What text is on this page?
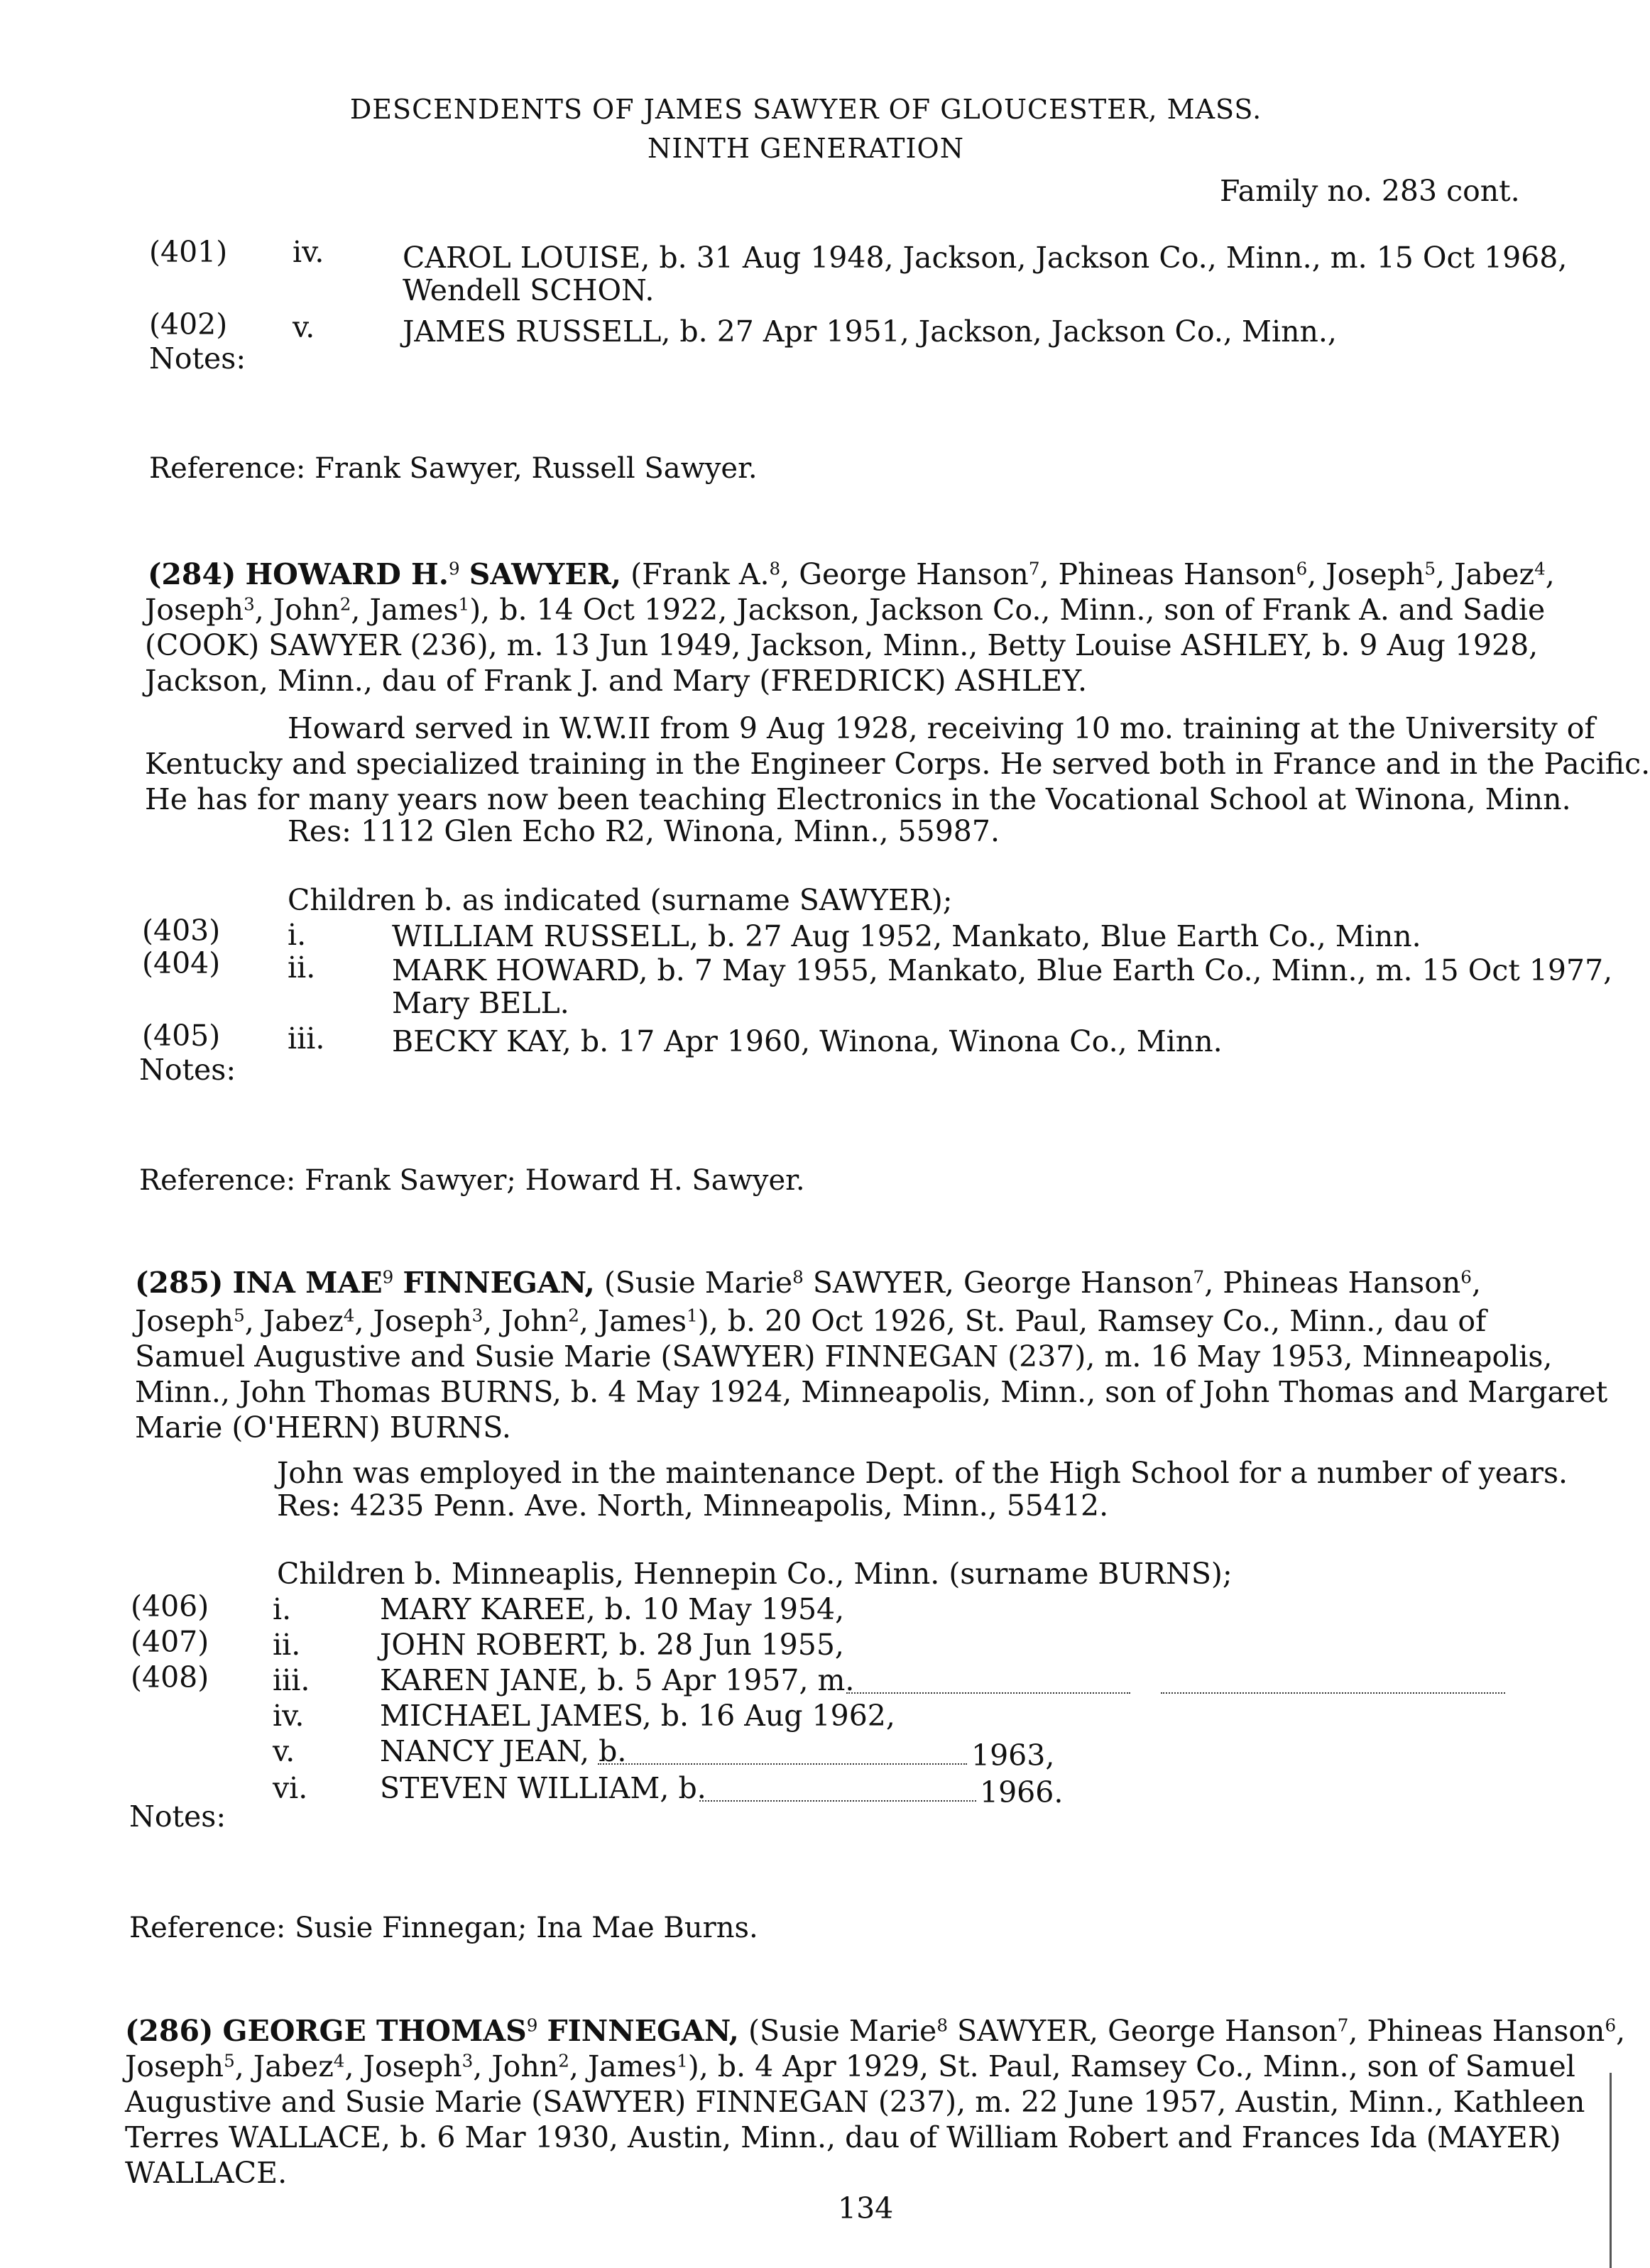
DESCENDENTS OF JAMES SAWYER OF GLOUCESTER, MASS.
NINTH GENERATION
Family no. 283 cont.
(401) iv.	CAROL LOUISE, b. 31 Aug 1948, Jackson, Jackson Co., Minn., m. 15 Oct 1968,
Wendell SCHON.
(402) v.	JAMES RUSSELL, b. 27 Apr 1951, Jackson, Jackson Co., Minn.,
Notes:
Reference: Frank Sawyer, Russell Sawyer.
(284) HOWARD H.$^9$ SAWYER, (Frank A.$^8$, George Hanson$^7$, Phineas Hanson$^6$, Joseph$^5$, Jabez$^4$,
Joseph$^3$, John$^2$, James$^1$), b. 14 Oct 1922, Jackson, Jackson Co., Minn., son of Frank A. and Sadie
(COOK) SAWYER (236), m. 13 Jun 1949, Jackson, Minn., Betty Louise ASHLEY, b. 9 Aug 1928,
Jackson, Minn., dau of Frank J. and Mary (FREDRICK) ASHLEY.
Howard served in W.W.II from 9 Aug 1928, receiving 10 mo. training at the University of
Kentucky and specialized training in the Engineer Corps. He served both in France and in the Pacific.
He has for many years now been teaching Electronics in the Vocational School at Winona, Minn.
Res: 1112 Glen Echo R2, Winona, Minn., 55987.
Children b. as indicated (surname SAWYER);
(403) i.	WILLIAM RUSSELL, b. 27 Aug 1952, Mankato, Blue Earth Co., Minn.
(404) ii.	MARK HOWARD, b. 7 May 1955, Mankato, Blue Earth Co., Minn., m. 15 Oct 1977,
Mary BELL.
(405) iii. BECKY KAY, b. 17 Apr 1960, Winona, Winona Co., Minn.
Notes:
Reference: Frank Sawyer; Howard H. Sawyer.
(285) INA MAE$^9$ FINNEGAN, (Susie Marie$^8$ SAWYER, George Hanson$^7$, Phineas Hanson$^6$,
Joseph$^5$, Jabez$^4$, Joseph$^3$, John$^2$, James$^1$), b. 20 Oct 1926, St. Paul, Ramsey Co., Minn., dau of
Samuel Augustive and Susie Marie (SAWYER) FINNEGAN (237), m. 16 May 1953, Minneapolis,
Minn., John Thomas BURNS, b. 4 May 1924, Minneapolis, Minn., son of John Thomas and Margaret
Marie (O'HERN) BURNS.
John was employed in the maintenance Dept. of the High School for a number of years.
Res: 4235 Penn. Ave. North, Minneapolis, Minn., 55412.
Children b. Minneaplis, Hennepin Co., Minn. (surname BURNS);
(406) i.	MARY KAREE, b. 10 May 1954,
(407) ii.	JOHN ROBERT, b. 28 Jun 1955,
(408) iii. KAREN JANE, b. 5 Apr 1957, m.
iv.	MICHAEL JAMES, b. 16 Aug 1962,
v.	NANCY JEAN, b.	1963,
vi. STEVEN WILLIAM, b.	1966.
Notes:
Reference: Susie Finnegan; Ina Mae Burns.
(286) GEORGE THOMAS$^9$ FINNEGAN, (Susie Marie$^8$ SAWYER, George Hanson$^7$, Phineas Hanson$^6$,
Joseph$^5$, Jabez$^4$, Joseph$^3$, John$^2$, James$^1$), b. 4 Apr 1929, St. Paul, Ramsey Co., Minn., son of Samuel
Augustive and Susie Marie (SAWYER) FINNEGAN (237), m. 22 June 1957, Austin, Minn., Kathleen
Terres WALLACE, b. 6 Mar 1930, Austin, Minn., dau of William Robert and Frances Ida (MAYER)
WALLACE.
134
